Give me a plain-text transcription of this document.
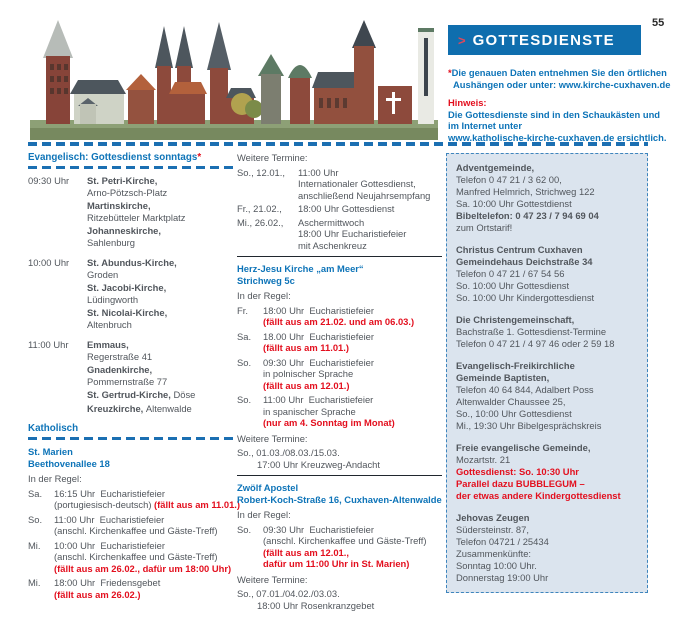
55
> GOTTESDIENSTE
*Die genauen Daten entnehmen Sie den örtlichen
Aushängen oder unter: www.kirche-cuxhaven.de
Hinweis:
Die Gottesdienste sind in den Schaukästen und
im Internet unter
www.katholische-kirche-cuxhaven.de ersichtlich.
Evangelisch: Gottesdienst sonntags*
09:30 Uhr	St. Petri-Kirche,
Arno-Pötzsch-Platz
Martinskirche,
Ritzebütteler Marktplatz
Johanneskirche,
Sahlenburg
10:00 Uhr	St. Abundus-Kirche,
Groden
St. Jacobi-Kirche,
Lüdingworth
St. Nicolai-Kirche,
Altenbruch
11:00 Uhr	Emmaus,
Regerstraße 41
Gnadenkirche,
Pommernstraße 77
St. Gertrud-Kirche, Döse
Kreuzkirche, Altenwalde
Katholisch
St. Marien
Beethovenallee 18
In der Regel:
Sa.	16:15 Uhr  Eucharistiefeier
(portugiesisch-deutsch) (fällt aus am 11.01.)
So.	11:00 Uhr  Eucharistiefeier
(anschl. Kirchenkaffee und Gäste-Treff)
Mi.	10:00 Uhr  Eucharistiefeier
(anschl. Kirchenkaffee und Gäste-Treff)
(fällt aus am 26.02., dafür um 18:00 Uhr)
Mi.	18:00 Uhr  Friedensgebet
(fällt aus am 26.02.)
Weitere Termine:
So., 12.01.,	11:00 Uhr
Internationaler Gottesdienst,
anschließend Neujahrsempfang
Fr., 21.02.,	18:00 Uhr Gottesdienst
Mi., 26.02.,	Aschermittwoch
18:00 Uhr Eucharistiefeier
mit Aschenkreuz
Herz-Jesu Kirche „am Meer“
Strichweg 5c
In der Regel:
Fr.	18:00 Uhr  Eucharistiefeier
(fällt aus am 21.02. und am 06.03.)
Sa.	18.00 Uhr  Eucharistiefeier
(fällt aus am 11.01.)
So.	09:30 Uhr  Eucharistiefeier
in polnischer Sprache
(fällt aus am 12.01.)
So.	11:00 Uhr  Eucharistiefeier
in spanischer Sprache
(nur am 4. Sonntag im Monat)
Weitere Termine:
So., 01.03./08.03./15.03.
17:00 Uhr Kreuzweg-Andacht
Zwölf Apostel
Robert-Koch-Straße 16, Cuxhaven-Altenwalde
In der Regel:
So.	09:30 Uhr  Eucharistiefeier
(anschl. Kirchenkaffee und Gäste-Treff)
(fällt aus am 12.01.,
dafür um 11:00 Uhr in St. Marien)
Weitere Termine:
So., 07.01./04.02./03.03.
18:00 Uhr Rosenkranzgebet
Adventgemeinde,
Telefon 0 47 21 / 3 62 00,
Manfred Helmrich, Strichweg 122
Sa. 10:00 Uhr Gottestdienst
Bibeltelefon: 0 47 23 / 7 94 69 04
zum Ortstarif!
Christus Centrum Cuxhaven
Gemeindehaus Deichstraße 34
Telefon 0 47 21 / 67 54 56
So. 10:00 Uhr Gottesdienst
So. 10:00 Uhr Kindergottesdienst
Die Christengemeinschaft,
Bachstraße 1. Gottesdienst-Termine
Telefon 0 47 21 / 4 97 46 oder 2 59 18
Evangelisch-Freikirchliche
Gemeinde Baptisten,
Telefon 40 64 844, Adalbert Poss
Altenwalder Chaussee 25,
So., 10:00 Uhr Gottesdienst
Mi., 19:30 Uhr Bibelgesprächskreis
Freie evangelische Gemeinde,
Mozartstr. 21
Gottesdienst: So. 10:30 Uhr
Parallel dazu BUBBLEGUM –
der etwas andere Kindergottesdienst
Jehovas Zeugen
Südersteinstr. 87,
Telefon 04721 / 25434
Zusammenkünfte:
Sonntag 10:00 Uhr.
Donnerstag 19:00 Uhr
